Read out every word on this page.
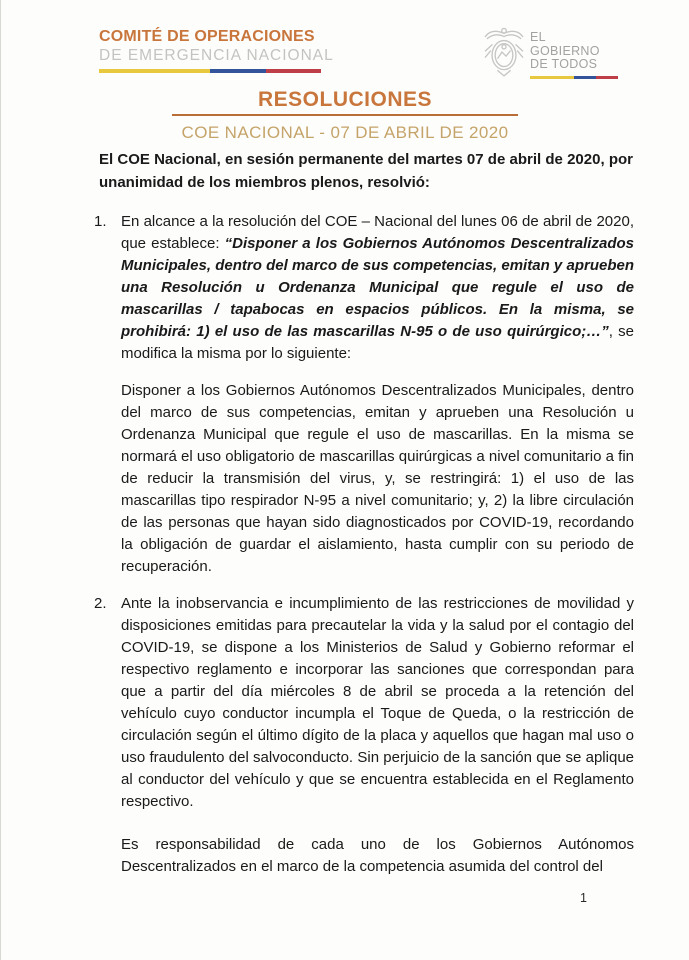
COMITÉ DE OPERACIONES
DE EMERGENCIA NACIONAL
EL
GOBIERNO
DE TODOS
RESOLUCIONES
COE NACIONAL - 07 DE ABRIL DE 2020

El COE Nacional, en sesión permanente del martes 07 de abril de 2020, por unanimidad de los miembros plenos, resolvió:

1. En alcance a la resolución del COE – Nacional del lunes 06 de abril de 2020, que establece: “Disponer a los Gobiernos Autónomos Descentralizados Municipales, dentro del marco de sus competencias, emitan y aprueben una Resolución u Ordenanza Municipal que regule el uso de mascarillas / tapabocas en espacios públicos. En la misma, se prohibirá: 1) el uso de las mascarillas N-95 o de uso quirúrgico;…”, se modifica la misma por lo siguiente:

Disponer a los Gobiernos Autónomos Descentralizados Municipales, dentro del marco de sus competencias, emitan y aprueben una Resolución u Ordenanza Municipal que regule el uso de mascarillas. En la misma se normará el uso obligatorio de mascarillas quirúrgicas a nivel comunitario a fin de reducir la transmisión del virus, y, se restringirá: 1) el uso de las mascarillas tipo respirador N-95 a nivel comunitario; y, 2) la libre circulación de las personas que hayan sido diagnosticados por COVID-19, recordando la obligación de guardar el aislamiento, hasta cumplir con su periodo de recuperación.

2. Ante la inobservancia e incumplimiento de las restricciones de movilidad y disposiciones emitidas para precautelar la vida y la salud por el contagio del COVID-19, se dispone a los Ministerios de Salud y Gobierno reformar el respectivo reglamento e incorporar las sanciones que correspondan para que a partir del día miércoles 8 de abril se proceda a la retención del vehículo cuyo conductor incumpla el Toque de Queda, o la restricción de circulación según el último dígito de la placa y aquellos que hagan mal uso o uso fraudulento del salvoconducto. Sin perjuicio de la sanción que se aplique al conductor del vehículo y que se encuentra establecida en el Reglamento respectivo.

Es responsabilidad de cada uno de los Gobiernos Autónomos Descentralizados en el marco de la competencia asumida del control del

1
